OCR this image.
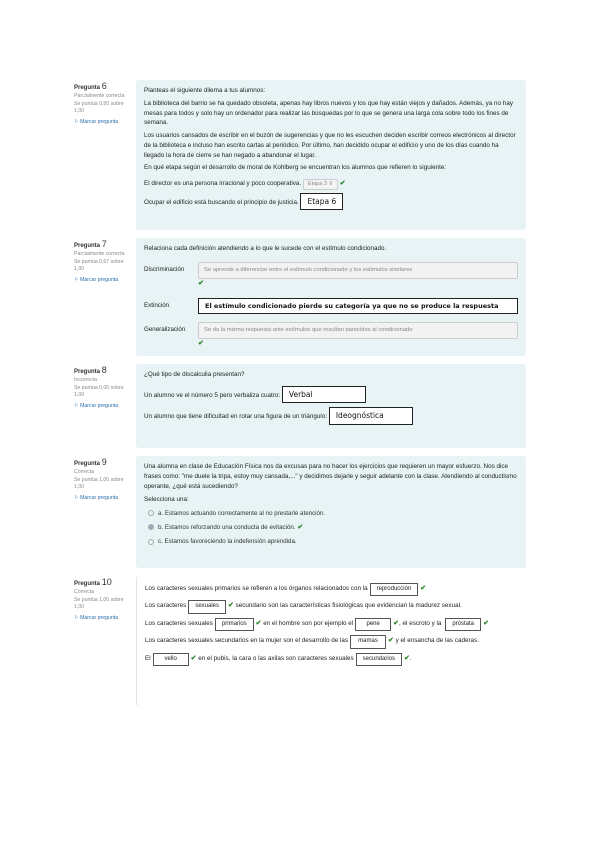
Pregunta 6
Parcialmente correcta
Se puntúa 0,50 sobre 1,00
⚐ Marcar pregunta

Planteas el siguiente dilema a tus alumnos:

La biblioteca del barrio se ha quedado obsoleta, apenas hay libros nuevos y los que hay están viejos y dañados. Además, ya no hay mesas para todos y solo hay un ordenador para realizar las búsquedas por lo que se genera una larga cola sobre todo los fines de semana.

Los usuarios cansados de escribir en el buzón de sugerencias y que no les escuchen deciden escribir correos electrónicos al director de la biblioteca e incluso han escrito cartas al periódico. Por último, han decidido ocupar el edificio y uno de los días cuando ha llegado la hora de cierre se han negado a abandonar el lugar.

En qué etapa según el desarrollo de moral de Kohlberg se encuentran los alumnos que refieren lo siguiente:

El director es una persona irracional y poco cooperativa. Etapa 3 ⇕ ✔

Ocupar el edificio está buscando el principio de justicia. Etapa 6

Pregunta 7
Parcialmente correcta
Se puntúa 0,67 sobre 1,00
⚐ Marcar pregunta

Relaciona cada definición atendiendo a lo que le sucede con el estímulo condicionado.

Discriminación	Se aprende a diferenciar entre el estímulo condicionado y los estímulos similares
✔
Extinción	El estímulo condicionado pierde su categoría ya que no se produce la respuesta
Generalización	Se da la misma respuesta ante estímulos que resultan parecidos al condicionado
✔
Pregunta 8
Incorrecta
Se puntúa 0,00 sobre 1,00
⚐ Marcar pregunta

¿Qué tipo de discalculia presentan?

Un alumno ve el número 5 pero verbaliza cuatro: Verbal

Un alumno que tiene dificultad en rotar una figura de un triángulo: Ideognóstica

Pregunta 9
Correcta
Se puntúa 1,00 sobre 1,00
⚐ Marcar pregunta

Una alumna en clase de Educación Física nos da excusas para no hacer los ejercicios que requieren un mayor esfuerzo. Nos dice frases como: "me duele la tripa, estoy muy cansada,..." y decidimos dejarle y seguir adelante con la clase. Atendiendo al conductismo operante, ¿qué está sucediendo?

Selecciona una:

a. Estamos actuando correctamente al no prestarle atención.
b. Estamos reforzando una conducta de evitación. ✔
c. Estamos favoreciendo la indefensión aprendida.
Pregunta 10
Correcta
Se puntúa 1,00 sobre 1,00
⚐ Marcar pregunta

Los caracteres sexuales primarios se refieren a los órganos relacionados con la reproducción ✔

Los caracteres sexuales ✔ secundario son las características fisiológicas que evidencian la madurez sexual.

Los caracteres sexuales primarios ✔ en el hombre son por ejemplo el pene ✔, el escroto y la próstata ✔

Los caracteres sexuales secundarios en la mujer son el desarrollo de las mamas ✔ y el ensancha de las caderas.

El vello ✔ en el pubis, la cara o las axilas son caracteres sexuales secundarios ✔.
